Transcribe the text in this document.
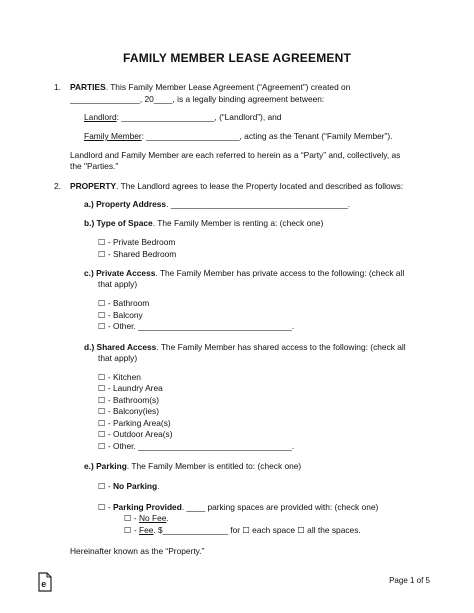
FAMILY MEMBER LEASE AGREEMENT
1. PARTIES. This Family Member Lease Agreement (“Agreement”) created on
_______________, 20____, is a legally binding agreement between:
Landlord: ____________________, (“Landlord”), and
Family Member: ____________________, acting as the Tenant (“Family Member”).
Landlord and Family Member are each referred to herein as a “Party” and, collectively, as
the "Parties."
2. PROPERTY. The Landlord agrees to lease the Property located and described as follows:
a.) Property Address. ______________________________________.
b.) Type of Space. The Family Member is renting a: (check one)
☐ - Private Bedroom
☐ - Shared Bedroom
c.) Private Access. The Family Member has private access to the following: (check all
that apply)
☐ - Bathroom
☐ - Balcony
☐ - Other. _________________________________.
d.) Shared Access. The Family Member has shared access to the following: (check all
that apply)
☐ - Kitchen
☐ - Laundry Area
☐ - Bathroom(s)
☐ - Balcony(ies)
☐ - Parking Area(s)
☐ - Outdoor Area(s)
☐ - Other. _________________________________.
e.) Parking. The Family Member is entitled to: (check one)
☐ - No Parking.
☐ - Parking Provided. ____ parking spaces are provided with: (check one)
☐ - No Fee.
☐ - Fee. $______________ for ☐ each space ☐ all the spaces.
Hereinafter known as the “Property.”
e	Page 1 of 5
